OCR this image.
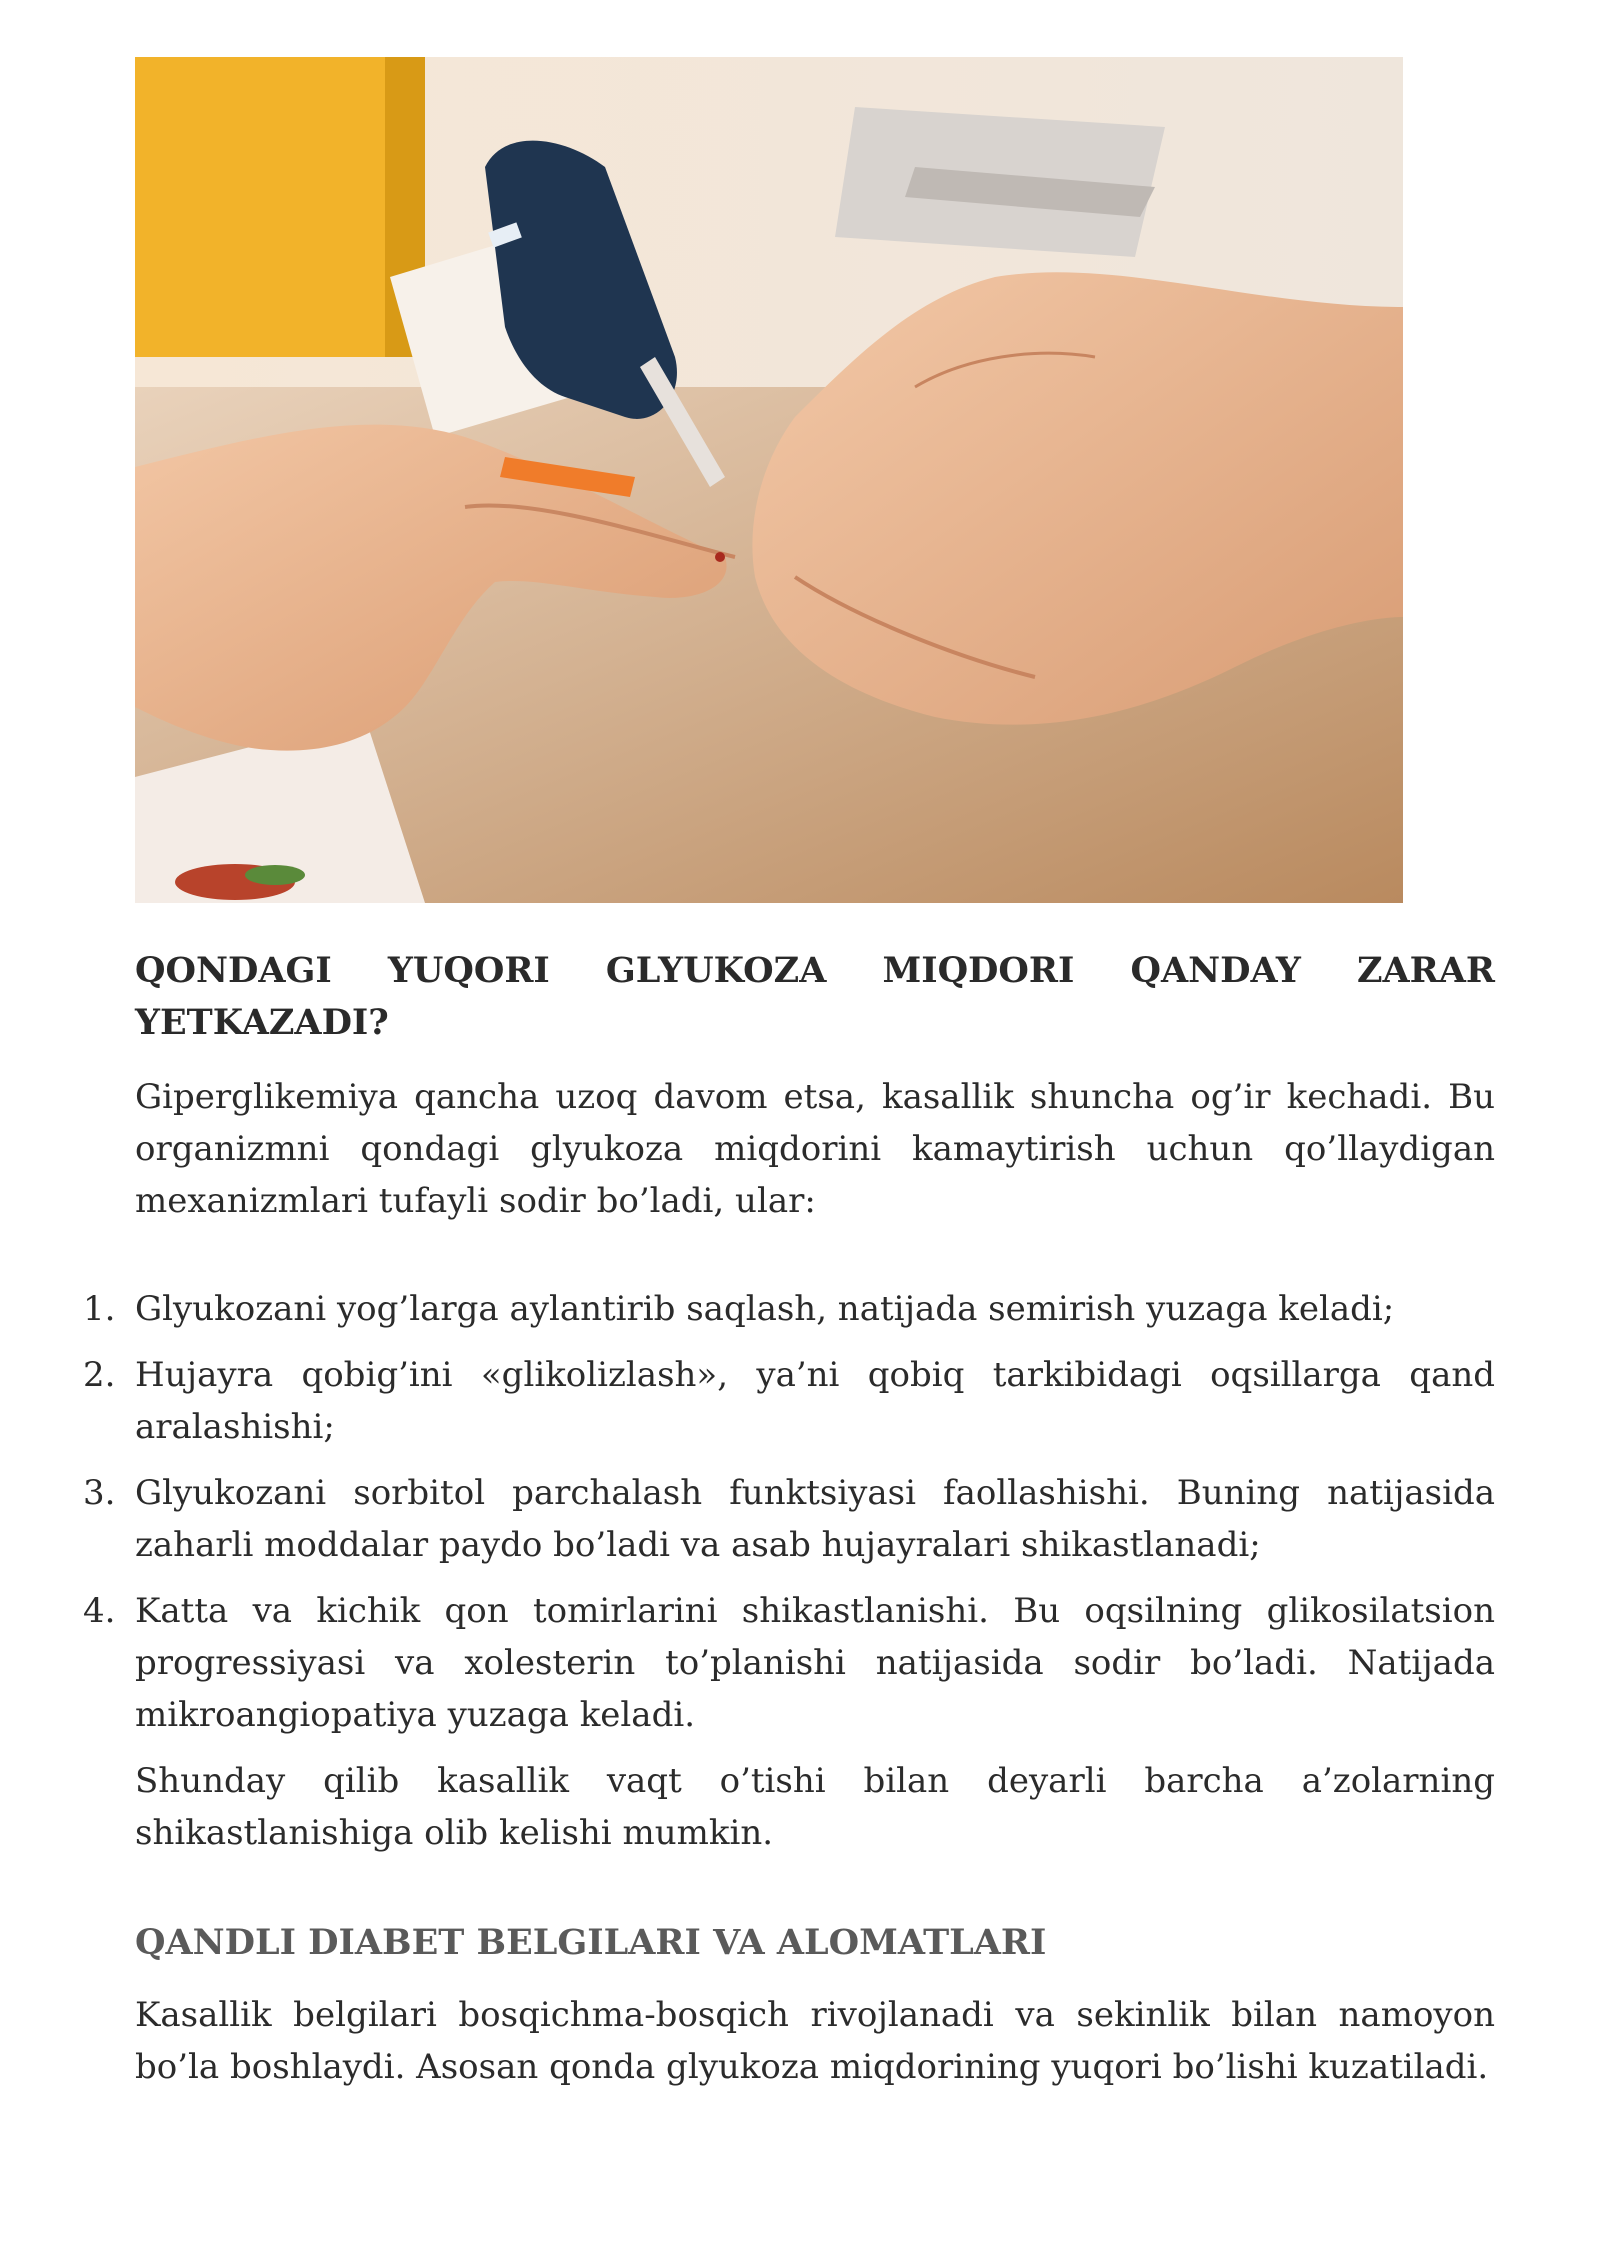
QONDAGI YUQORI GLYUKOZA MIQDORI QANDAY ZARAR YETKAZADI?

Giperglikemiya qancha uzoq davom etsa, kasallik shuncha og’ir kechadi. Bu organizmni qondagi glyukoza miqdorini kamaytirish uchun qo’llaydigan mexanizmlari tufayli sodir bo’ladi, ular:

1. Glyukozani yog’larga aylantirib saqlash, natijada semirish yuzaga keladi;
2. Hujayra qobig’ini «glikolizlash», ya’ni qobiq tarkibidagi oqsillarga qand aralashishi;
3. Glyukozani sorbitol parchalash funktsiyasi faollashishi. Buning natijasida zaharli moddalar paydo bo’ladi va asab hujayralari shikastlanadi;
4. Katta va kichik qon tomirlarini shikastlanishi. Bu oqsilning glikosilatsion progressiyasi va xolesterin to’planishi natijasida sodir bo’ladi. Natijada mikroangiopatiya yuzaga keladi.

Shunday qilib kasallik vaqt o’tishi bilan deyarli barcha a’zolarning shikastlanishiga olib kelishi mumkin.

QANDLI DIABET BELGILARI VA ALOMATLARI

Kasallik belgilari bosqichma-bosqich rivojlanadi va sekinlik bilan namoyon bo’la boshlaydi. Asosan qonda glyukoza miqdorining yuqori bo’lishi kuzatiladi.
